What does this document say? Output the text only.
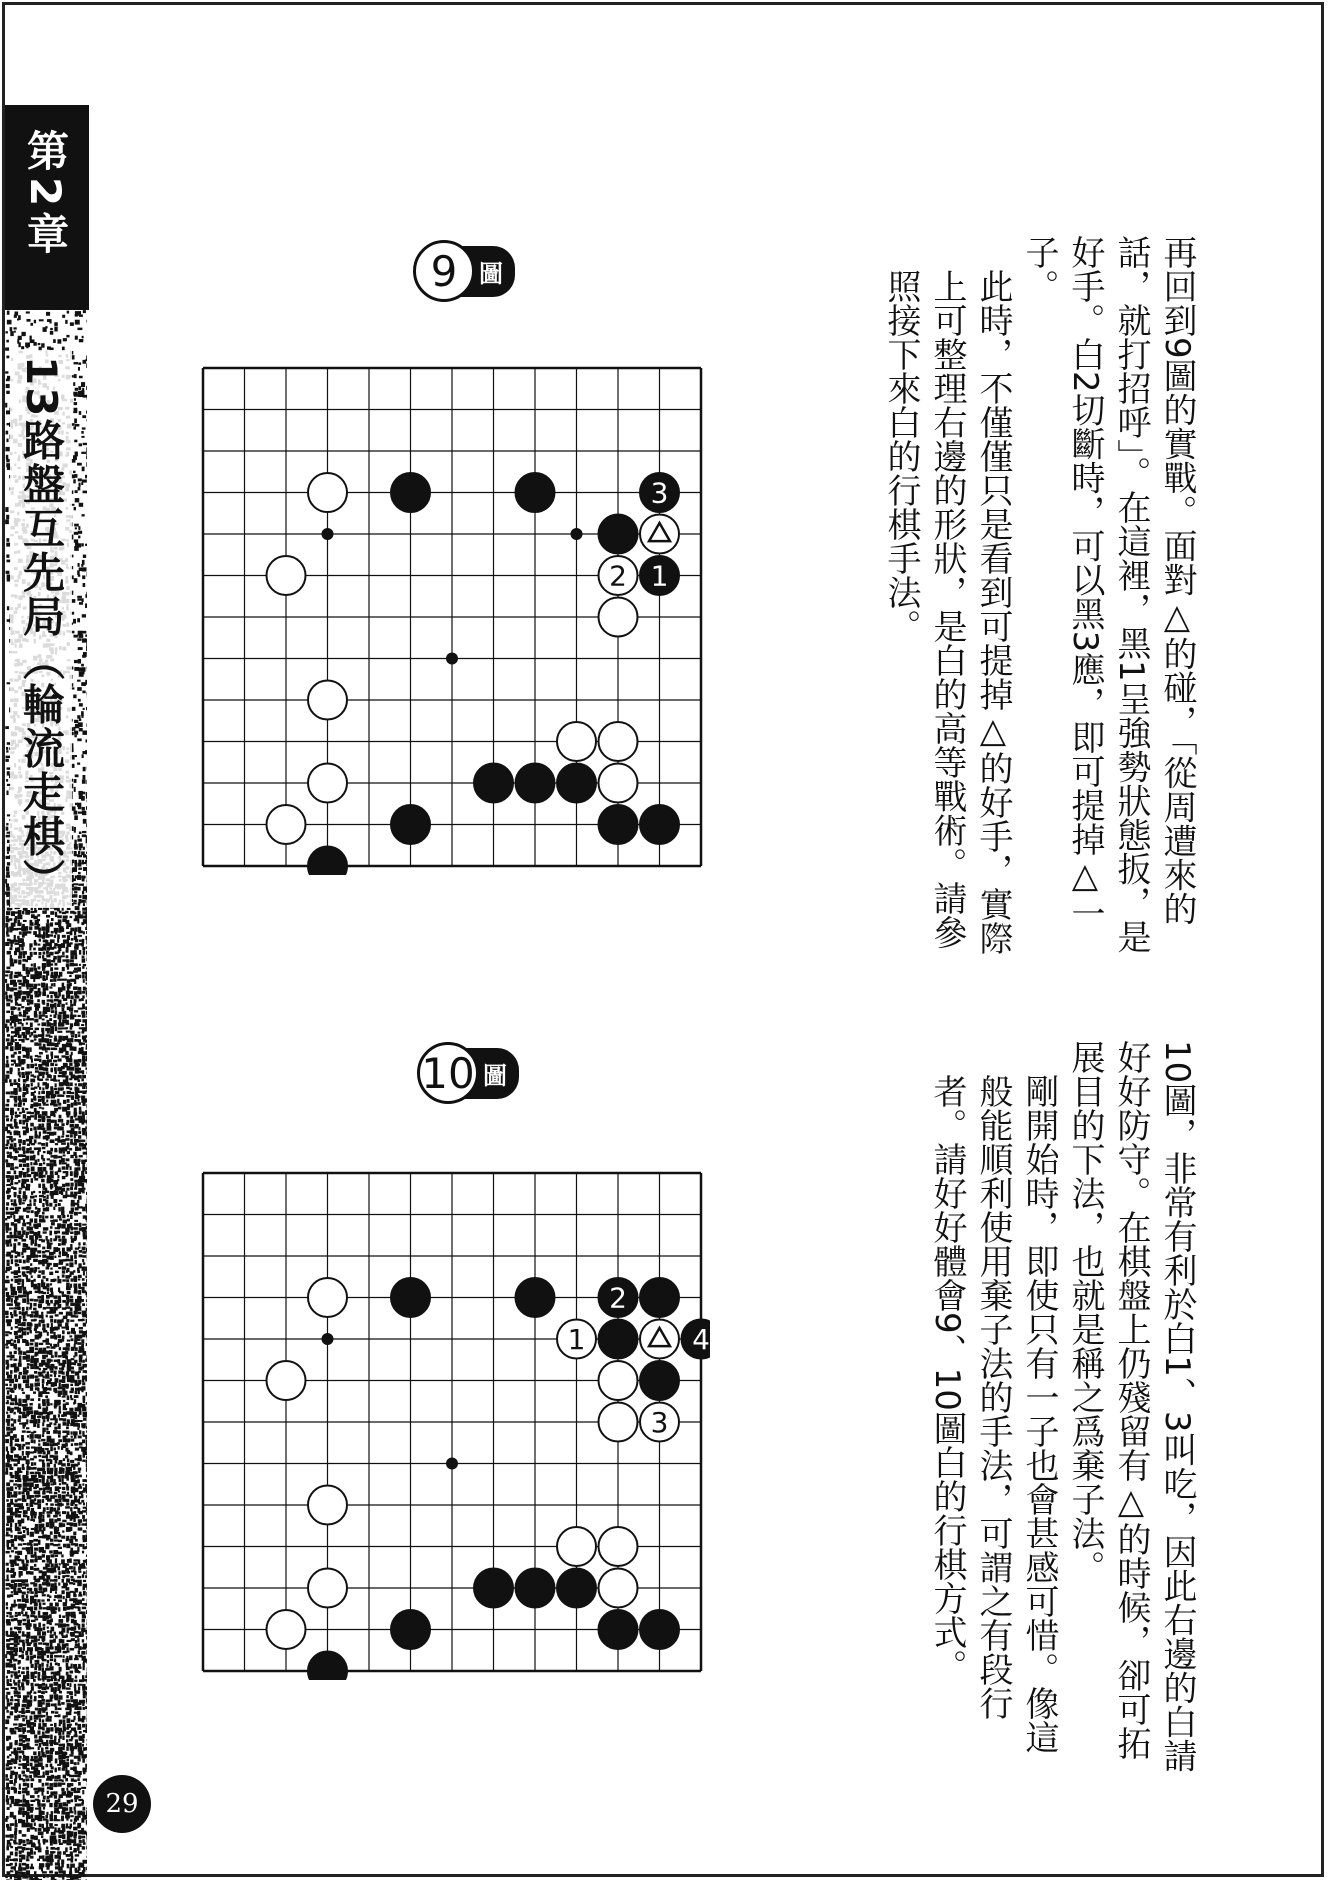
第2章
13路盤互先局（輪流走棋）
29
9 圖
10 圖
3
2 1
2
1	4
3
再回到9圖的實戰。面對△的碰，「從周遭來的話，就打招呼」。在這裡，黑1呈強勢狀態扳，是好手。白2切斷時，可以黑3應，即可提掉△一子。
此時，不僅僅只是看到可提掉△的好手，實際上可整理右邊的形狀，是白的高等戰術。請參照接下來白的行棋手法。
10圖，非常有利於白1、3叫吃，因此右邊的白請好好防守。在棋盤上仍殘留有△的時候，卻可拓展目的下法，也就是稱之爲棄子法。
剛開始時，即使只有一子也會甚感可惜。像這般能順利使用棄子法的手法，可謂之有段行者。請好好體會9、10圖白的行棋方式。
